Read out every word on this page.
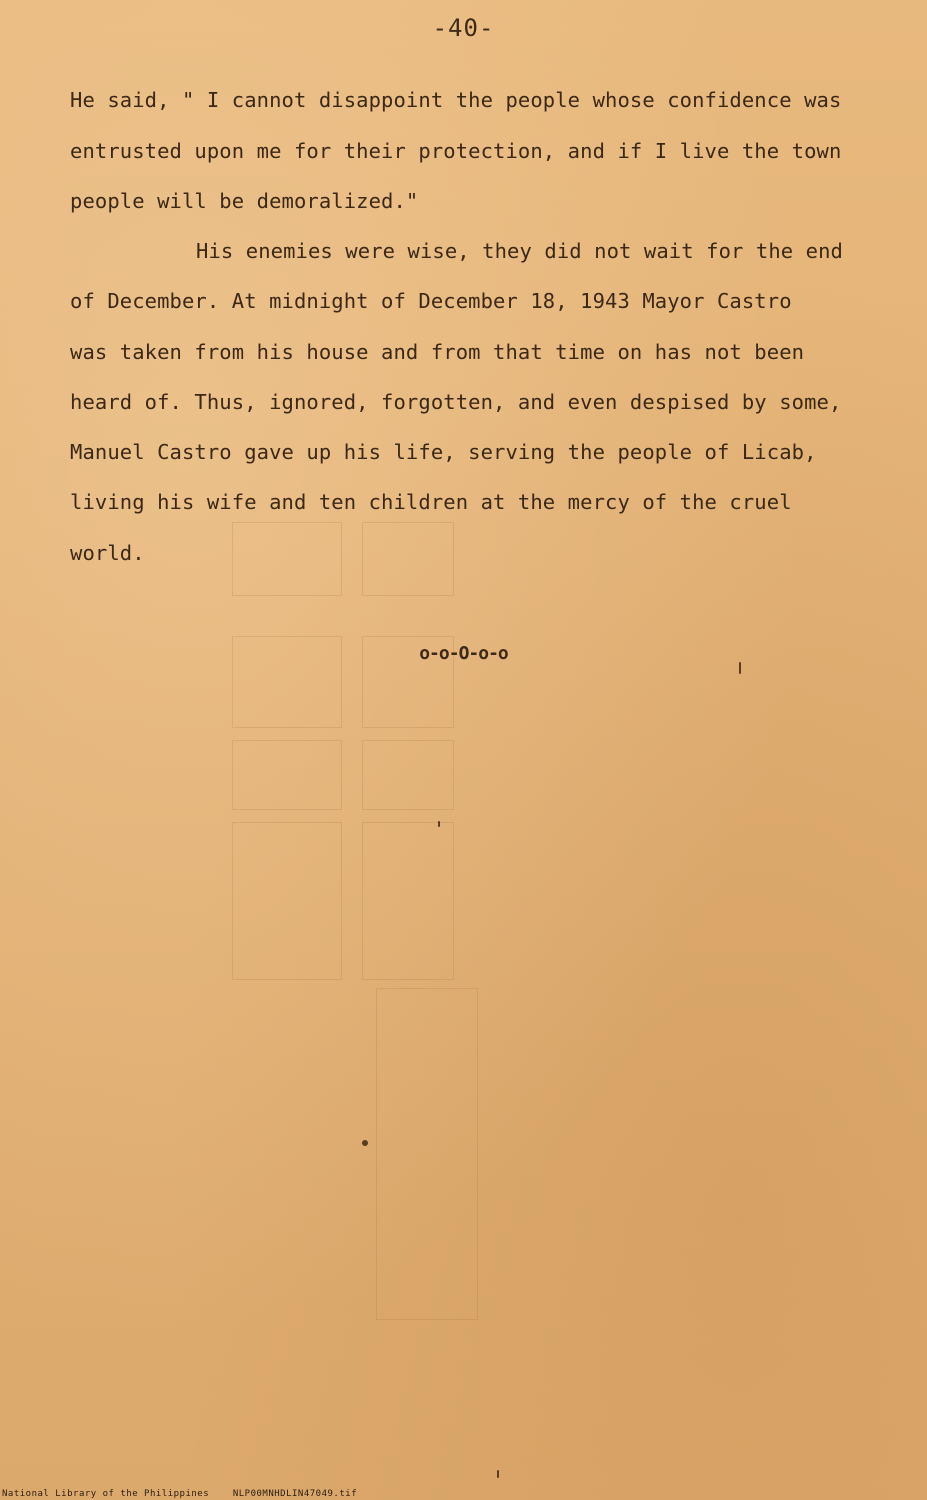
-40-
He said, " I cannot disappoint the people whose confidence was
entrusted upon me for their protection, and if I live the town
people will be demoralized."
His enemies were wise, they did not wait for the end
of December. At midnight of December 18, 1943 Mayor Castro
was taken from his house and from that time on has not been
heard of. Thus, ignored, forgotten, and even despised by some,
Manuel Castro gave up his life, serving the people of Licab,
living his wife and ten children at the mercy of the cruel
world.
o-o-O-o-o
National Library of the Philippines    NLP00MNHDLIN47049.tif
